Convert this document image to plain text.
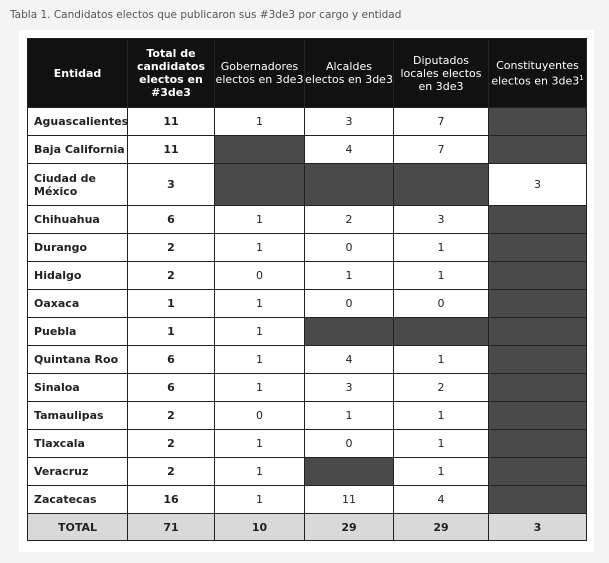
Tabla 1. Candidatos electos que publicaron sus #3de3 por cargo y entidad
Entidad	Total de candidatos electos en #3de3	Gobernadores electos en 3de3	Alcaldes electos en 3de3	Diputados locales electos en 3de3	Constituyentes electos en $3de3^1$
Aguascalientes	11	1	3	7	
Baja California	11		4	7	
Ciudad de México	3				3
Chihuahua	6	1	2	3	
Durango	2	1	0	1	
Hidalgo	2	0	1	1	
Oaxaca	1	1	0	0	
Puebla	1	1			
Quintana Roo	6	1	4	1	
Sinaloa	6	1	3	2	
Tamaulipas	2	0	1	1	
Tlaxcala	2	1	0	1	
Veracruz	2	1		1	
Zacatecas	16	1	11	4	
TOTAL	71	10	29	29	3
